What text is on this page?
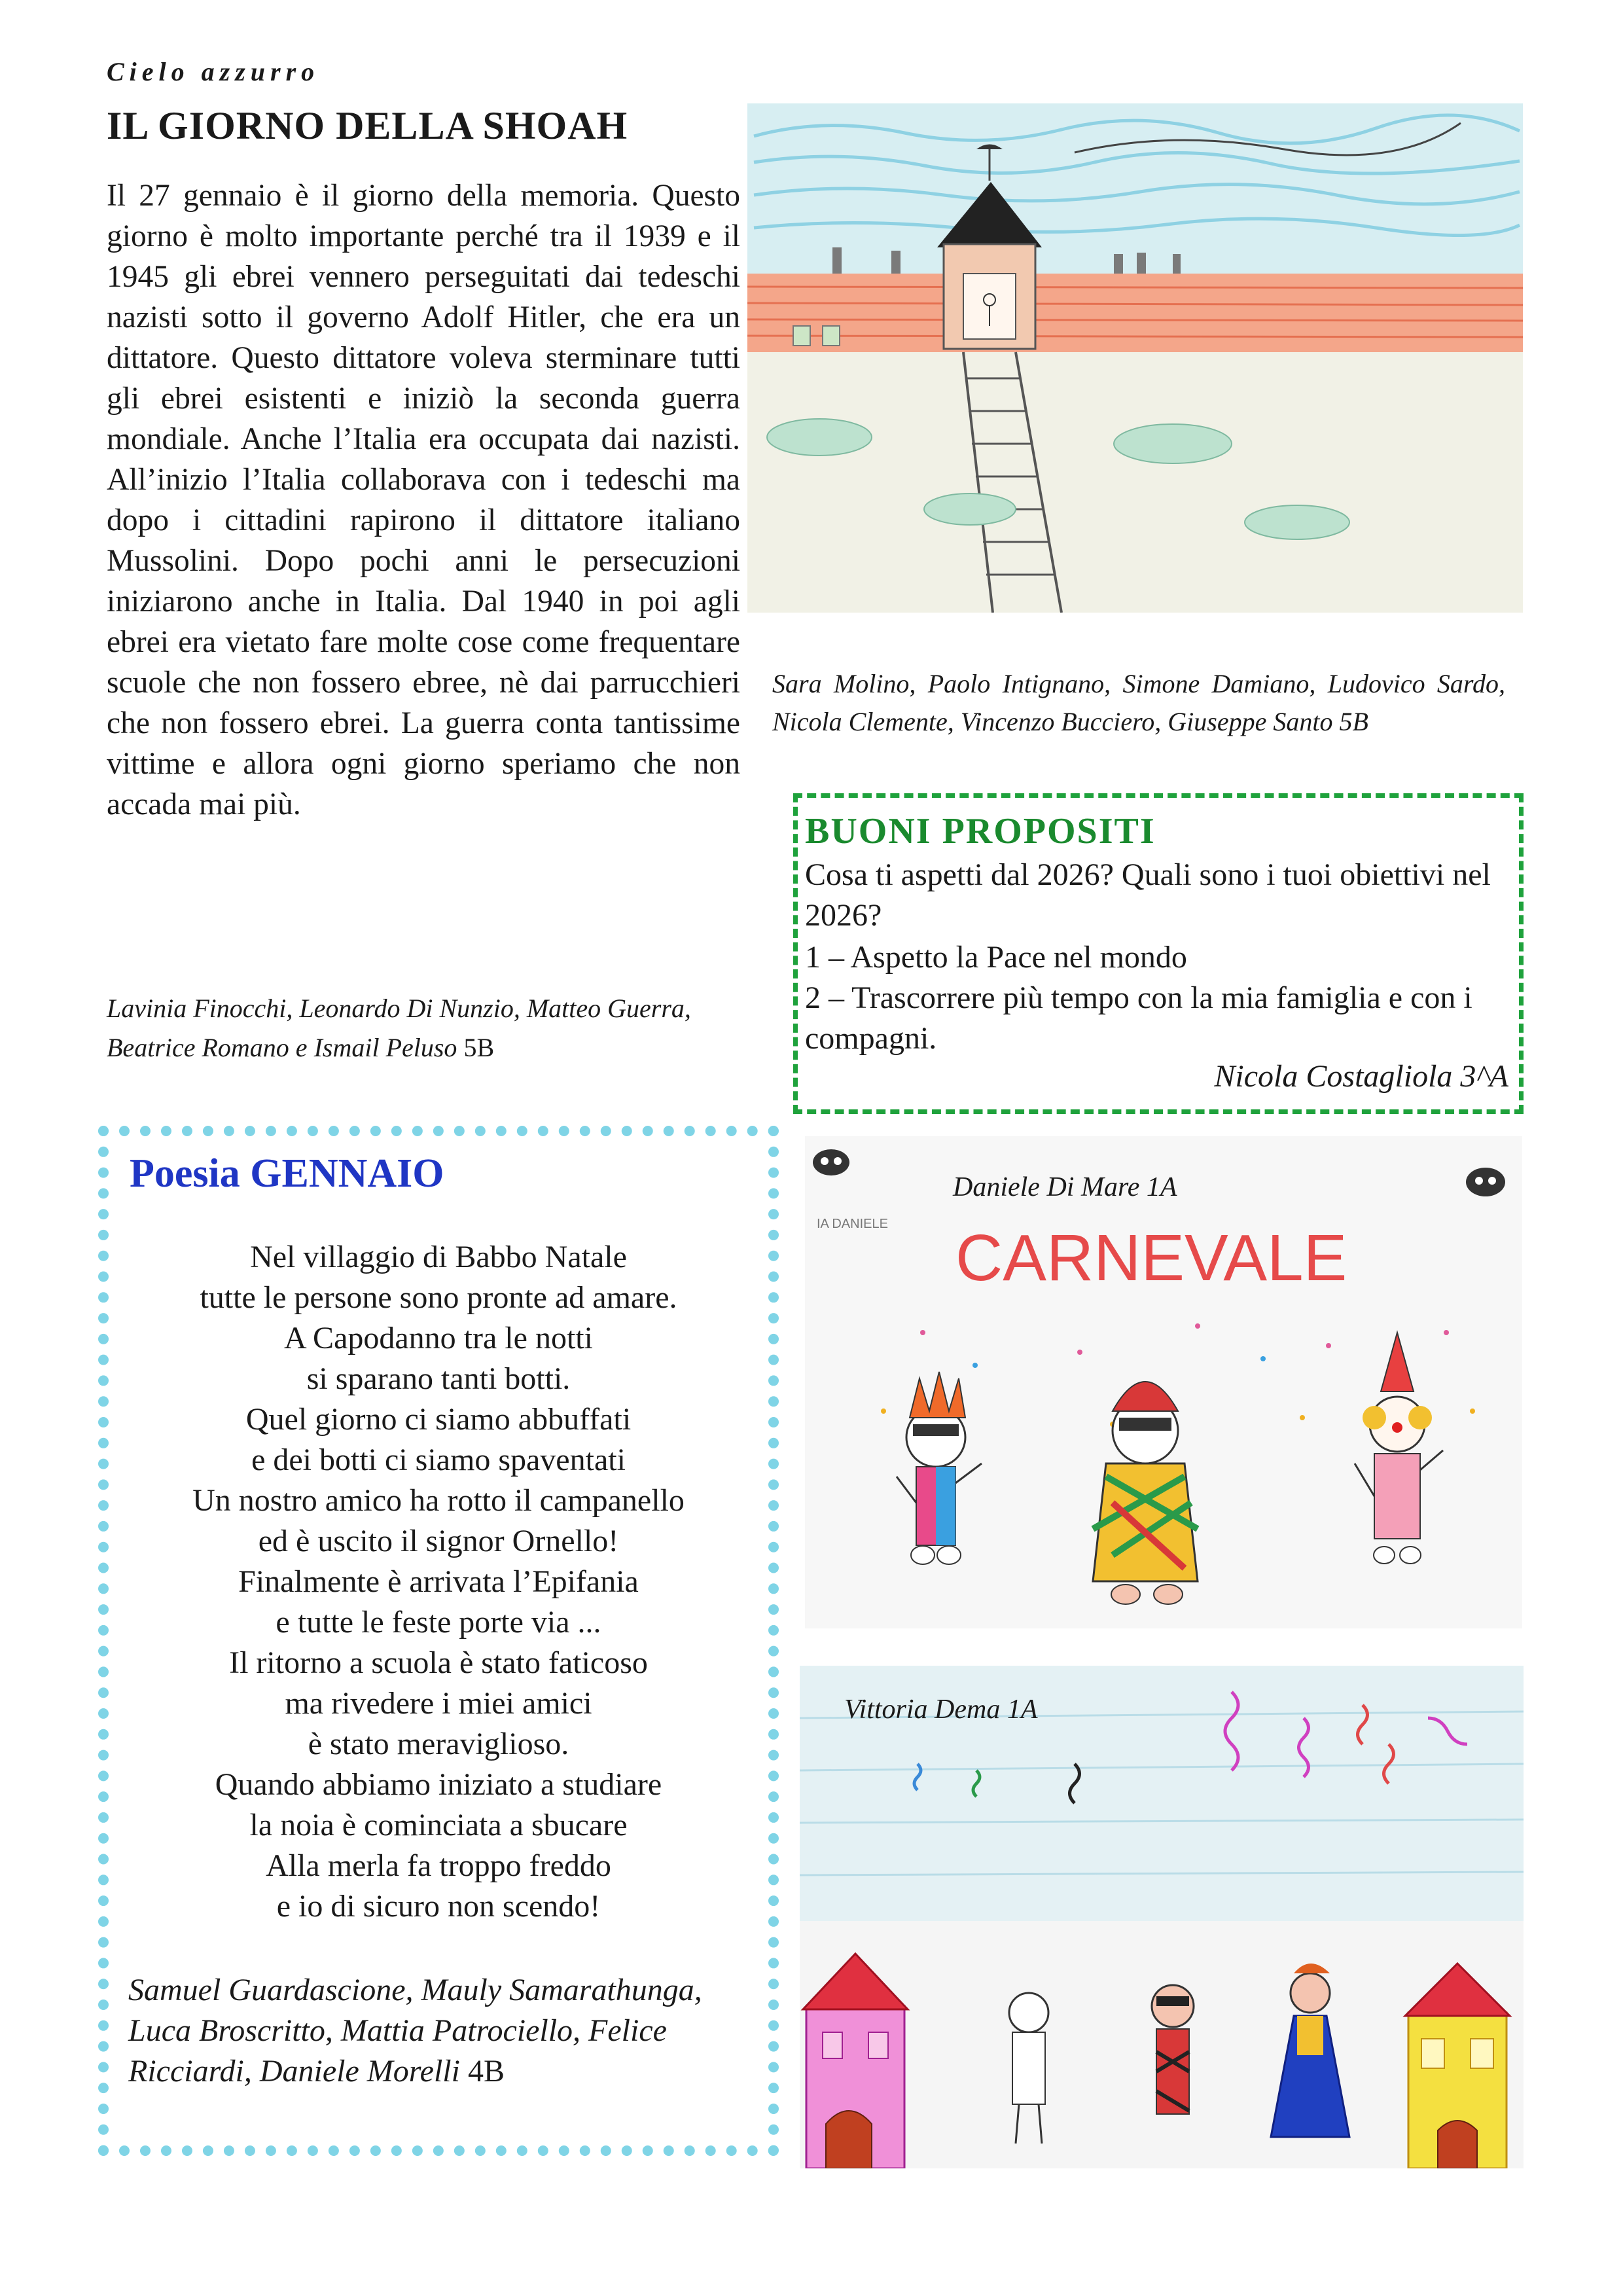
Cielo azzurro
IL GIORNO DELLA SHOAH
Il 27 gennaio è il giorno della memoria. Questo giorno è molto importante perché tra il 1939 e il 1945 gli ebrei vennero perseguitati dai tedeschi nazisti sotto il governo Adolf Hitler, che era un dittatore. Questo dittatore voleva sterminare tutti gli ebrei esistenti e iniziò la seconda guerra mondiale. Anche l’Italia era occupata dai nazisti. All’inizio l’Italia collaborava con i tedeschi ma dopo i cittadini rapirono il dittatore italiano Mussolini. Dopo pochi anni le persecuzioni iniziarono anche in Italia. Dal 1940 in poi agli ebrei era vietato fare molte cose come frequentare scuole che non fossero ebree, nè dai parrucchieri che non fossero ebrei. La guerra conta tantissime vittime e allora ogni giorno speriamo che non accada mai più.
Lavinia Finocchi, Leonardo Di Nunzio, Matteo Guerra, Beatrice Romano e Ismail Peluso 5B
Sara Molino, Paolo Intignano, Simone Damiano, Ludovico Sardo, Nicola Clemente, Vincenzo Bucciero, Giuseppe Santo 5B
BUONI PROPOSITI
Cosa ti aspetti dal 2026? Quali sono i tuoi obiettivi nel 2026?
1 – Aspetto la Pace nel mondo
2 – Trascorrere più tempo con la mia famiglia e con i compagni.
Nicola Costagliola 3^A
Poesia GENNAIO
Nel villaggio di Babbo Natale
tutte le persone sono pronte ad amare.
A Capodanno tra le notti
si sparano tanti botti.
Quel giorno ci siamo abbuffati
e dei botti ci siamo spaventati
Un nostro amico ha rotto il campanello
ed è uscito il signor Ornello!
Finalmente è arrivata l’Epifania
e tutte le feste porte via ...
Il ritorno a scuola è stato faticoso
ma rivedere i miei amici
è stato meraviglioso.
Quando abbiamo iniziato a studiare
la noia è cominciata a sbucare
Alla merla fa troppo freddo
e io di sicuro non scendo!
Samuel Guardascione, Mauly Samarathunga, Luca Broscritto, Mattia Patrociello, Felice Ricciardi, Daniele Morelli 4B
IA DANIELE CARNEVALE
Daniele Di Mare 1A
Vittoria Dema 1A
